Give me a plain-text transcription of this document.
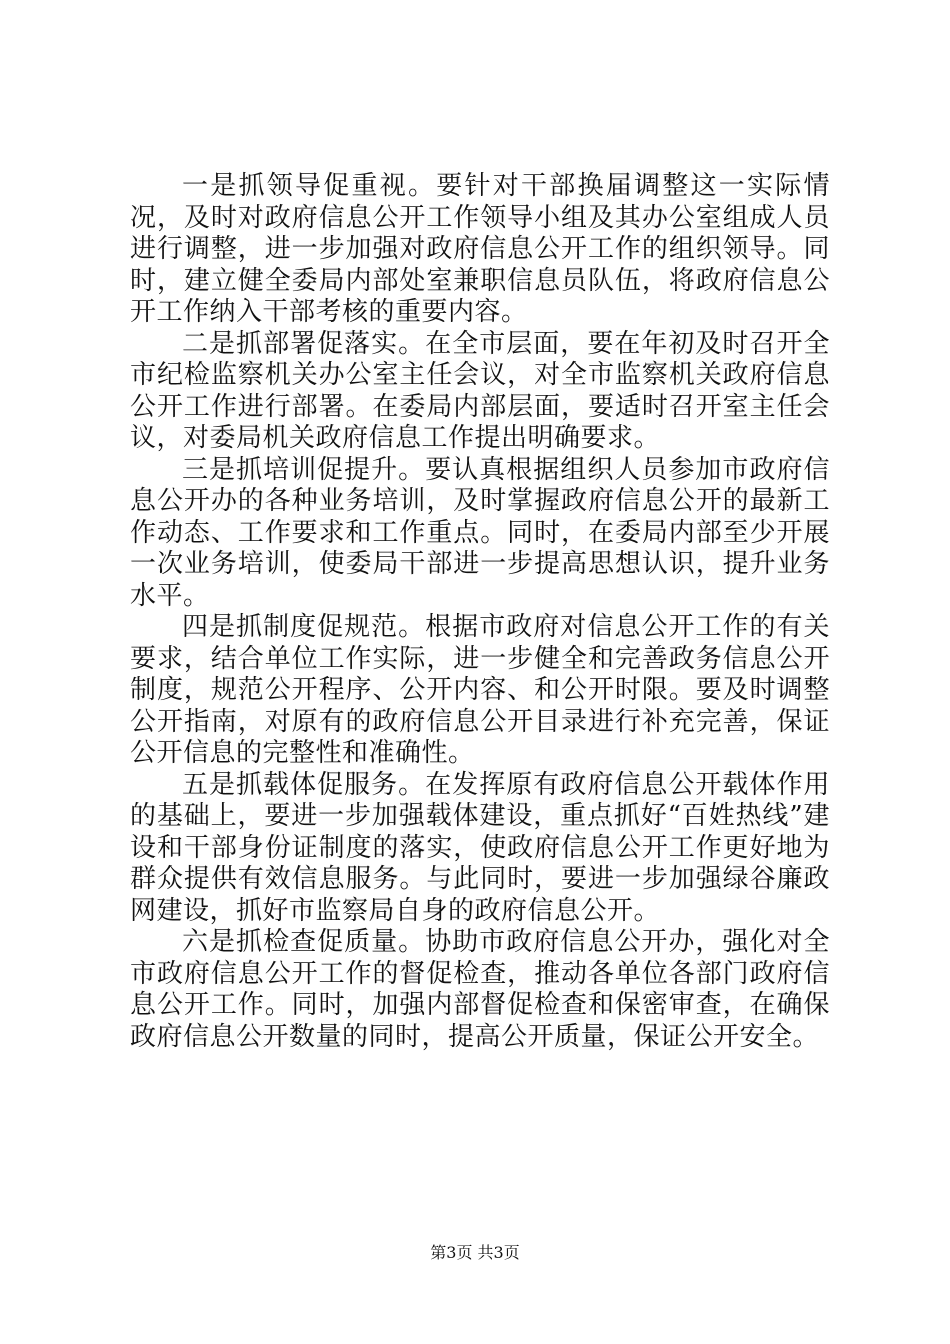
一是抓领导促重视。要针对干部换届调整这一实际情况，及时对政府信息公开工作领导小组及其办公室组成人员进行调整，进一步加强对政府信息公开工作的组织领导。同时，建立健全委局内部处室兼职信息员队伍，将政府信息公开工作纳入干部考核的重要内容。

二是抓部署促落实。在全市层面，要在年初及时召开全市纪检监察机关办公室主任会议，对全市监察机关政府信息公开工作进行部署。在委局内部层面，要适时召开室主任会议，对委局机关政府信息工作提出明确要求。

三是抓培训促提升。要认真根据组织人员参加市政府信息公开办的各种业务培训，及时掌握政府信息公开的最新工作动态、工作要求和工作重点。同时，在委局内部至少开展一次业务培训，使委局干部进一步提高思想认识，提升业务水平。

四是抓制度促规范。根据市政府对信息公开工作的有关要求，结合单位工作实际，进一步健全和完善政务信息公开制度，规范公开程序、公开内容、和公开时限。要及时调整公开指南，对原有的政府信息公开目录进行补充完善，保证公开信息的完整性和准确性。

五是抓载体促服务。在发挥原有政府信息公开载体作用的基础上，要进一步加强载体建设，重点抓好“百姓热线”建设和干部身份证制度的落实，使政府信息公开工作更好地为群众提供有效信息服务。与此同时，要进一步加强绿谷廉政网建设，抓好市监察局自身的政府信息公开。

六是抓检查促质量。协助市政府信息公开办，强化对全市政府信息公开工作的督促检查，推动各单位各部门政府信息公开工作。同时，加强内部督促检查和保密审查，在确保政府信息公开数量的同时，提高公开质量，保证公开安全。

第3页 共3页
